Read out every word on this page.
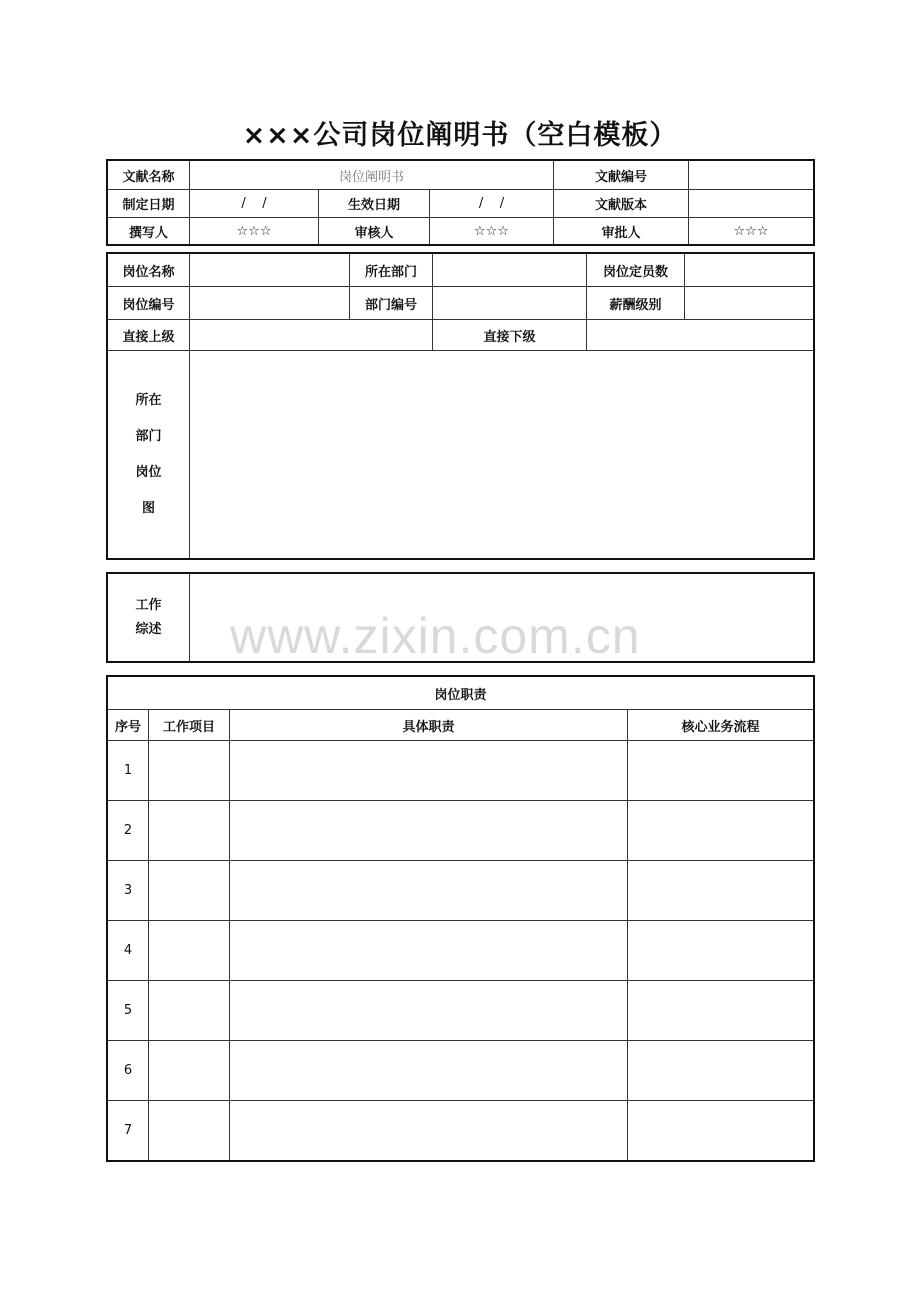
×××公司岗位阐明书（空白模板）
文献名称	岗位阐明书			文献编号	
制定日期	/    /	生效日期	/    /	文献版本	
撰写人	☆☆☆	审核人	☆☆☆	审批人	☆☆☆
岗位名称		所在部门		岗位定员数	
岗位编号		部门编号		薪酬级别	
直接上级			直接下级		

所在
部门
岗位
图					

工作
综述

岗位职责			
序号	工作项目	具体职责	核心业务流程
1			
2			
3			
4			
5			
6			
7			
www.zixin.com.cn
